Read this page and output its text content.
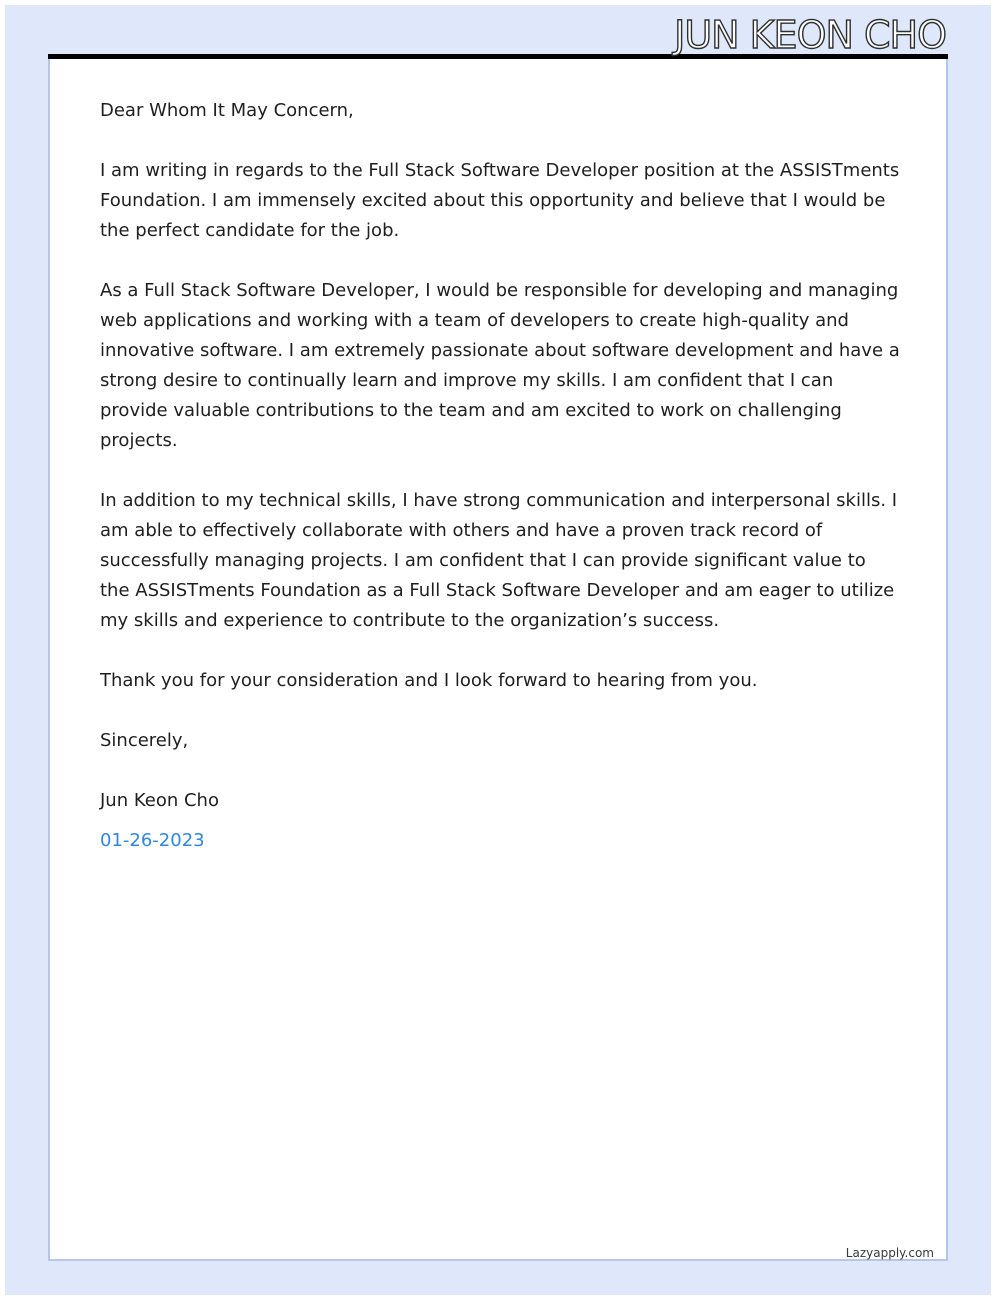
JUN KEON CHO

Dear Whom It May Concern,

I am writing in regards to the Full Stack Software Developer position at the ASSISTments Foundation. I am immensely excited about this opportunity and believe that I would be the perfect candidate for the job.

As a Full Stack Software Developer, I would be responsible for developing and managing web applications and working with a team of developers to create high-quality and innovative software. I am extremely passionate about software development and have a strong desire to continually learn and improve my skills. I am confident that I can provide valuable contributions to the team and am excited to work on challenging projects.

In addition to my technical skills, I have strong communication and interpersonal skills. I am able to effectively collaborate with others and have a proven track record of successfully managing projects. I am confident that I can provide significant value to the ASSISTments Foundation as a Full Stack Software Developer and am eager to utilize my skills and experience to contribute to the organization’s success.

Thank you for your consideration and I look forward to hearing from you.

Sincerely,

Jun Keon Cho

01-26-2023

Lazyapply.com
